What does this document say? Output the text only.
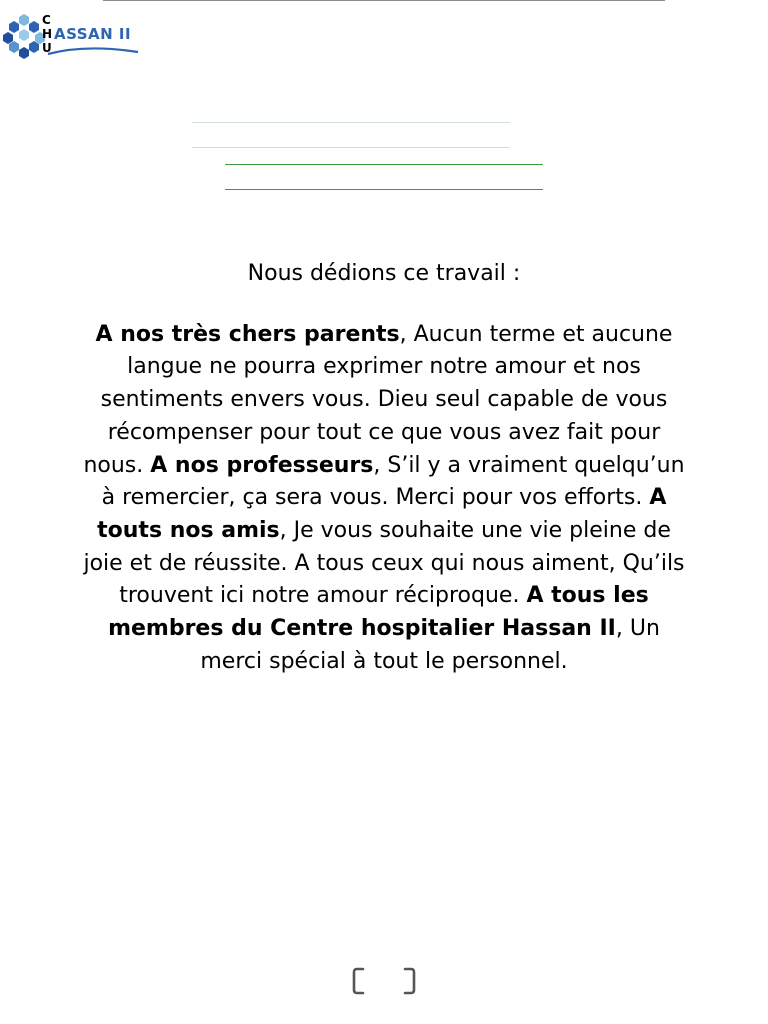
C
H
U
ASSAN II

Nous dédions ce travail :

A nos très chers parents, Aucun terme et aucune langue ne pourra exprimer notre amour et nos sentiments envers vous. Dieu seul capable de vous récompenser pour tout ce que vous avez fait pour nous. A nos professeurs, S’il y a vraiment quelqu’un à remercier, ça sera vous. Merci pour vos efforts. A touts nos amis, Je vous souhaite une vie pleine de joie et de réussite. A tous ceux qui nous aiment, Qu’ils trouvent ici notre amour réciproque. A tous les membres du Centre hospitalier Hassan II, Un merci spécial à tout le personnel.
